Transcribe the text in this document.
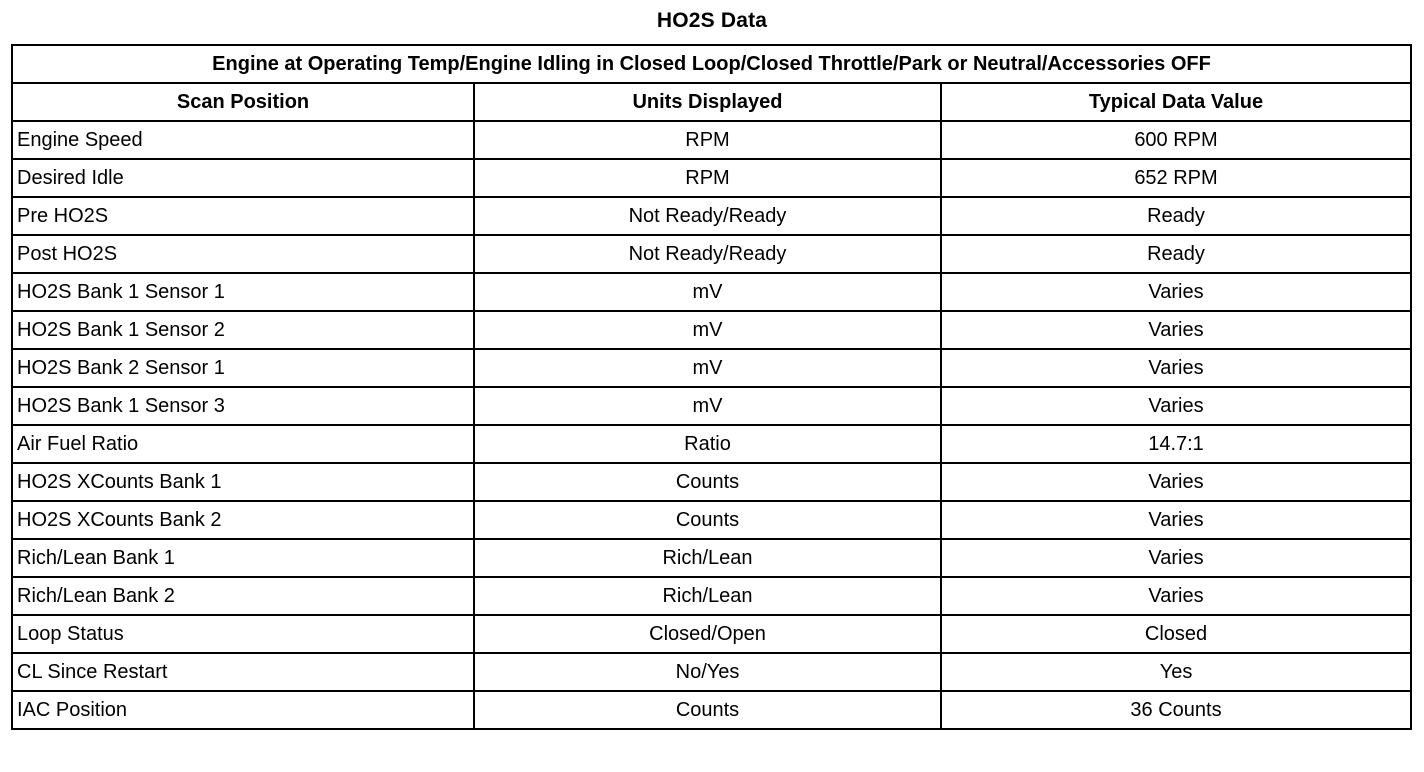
HO2S Data
Engine at Operating Temp/Engine Idling in Closed Loop/Closed Throttle/Park or Neutral/Accessories OFF		
Scan Position	Units Displayed	Typical Data Value
Engine Speed	RPM	600 RPM
Desired Idle	RPM	652 RPM
Pre HO2S	Not Ready/Ready	Ready
Post HO2S	Not Ready/Ready	Ready
HO2S Bank 1 Sensor 1	mV	Varies
HO2S Bank 1 Sensor 2	mV	Varies
HO2S Bank 2 Sensor 1	mV	Varies
HO2S Bank 1 Sensor 3	mV	Varies
Air Fuel Ratio	Ratio	14.7:1
HO2S XCounts Bank 1	Counts	Varies
HO2S XCounts Bank 2	Counts	Varies
Rich/Lean Bank 1	Rich/Lean	Varies
Rich/Lean Bank 2	Rich/Lean	Varies
Loop Status	Closed/Open	Closed
CL Since Restart	No/Yes	Yes
IAC Position	Counts	36 Counts
